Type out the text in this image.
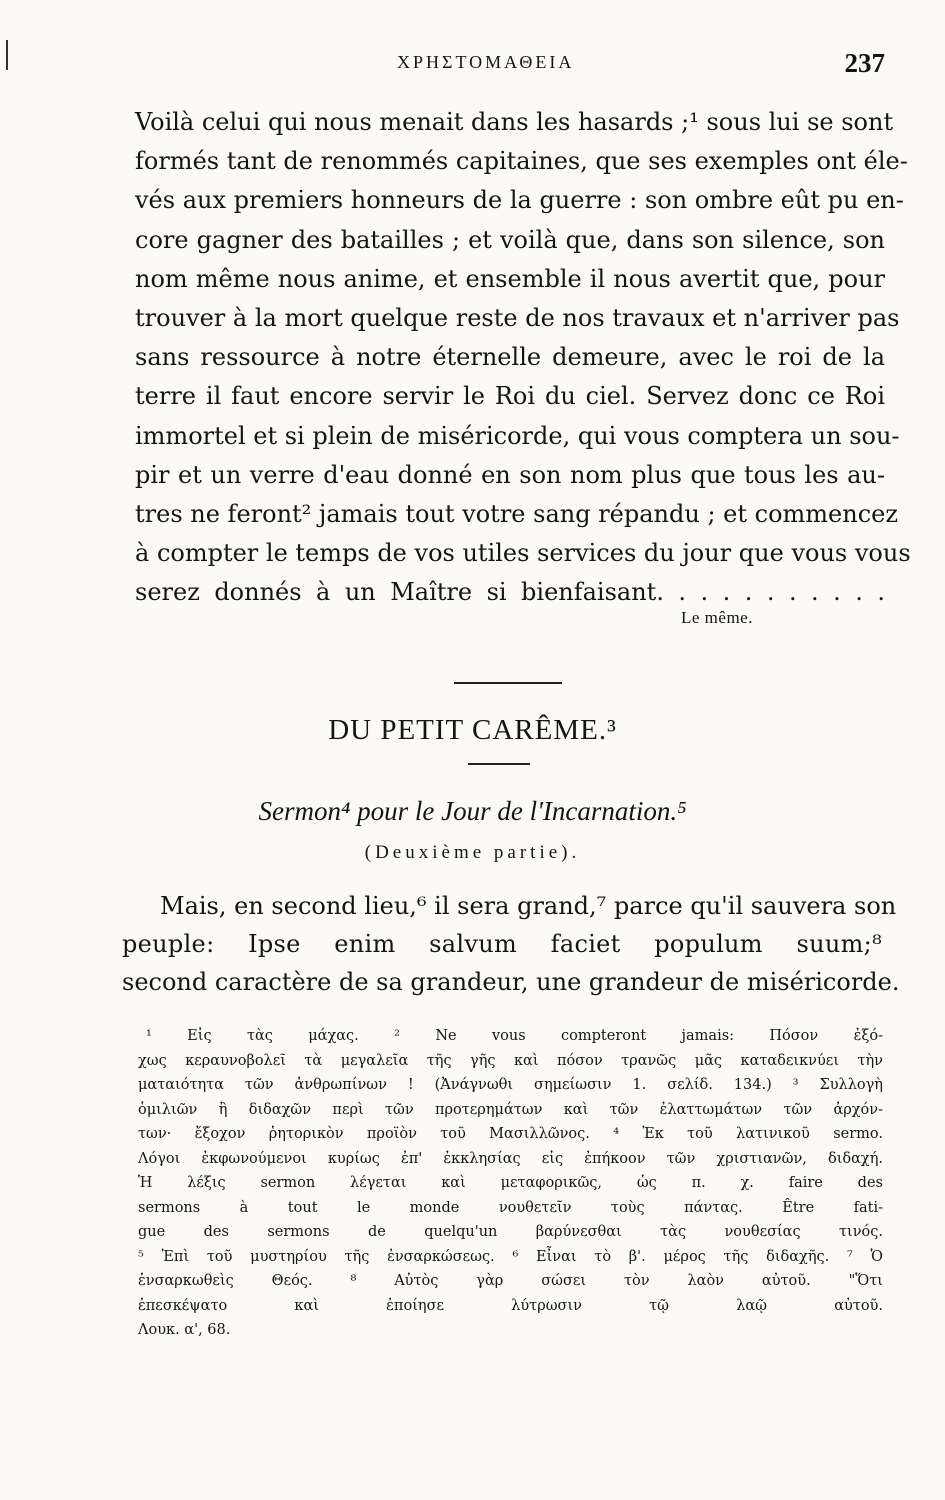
ΧΡΗΣΤΟΜΑΘΕΙΑ	237
Voilà celui qui nous menait dans les hasards ;¹ sous lui se sont
formés tant de renommés capitaines, que ses exemples ont éle-
vés aux premiers honneurs de la guerre : son ombre eût pu en-
core gagner des batailles ; et voilà que, dans son silence, son
nom même nous anime, et ensemble il nous avertit que, pour
trouver à la mort quelque reste de nos travaux et n'arriver pas
sans ressource à notre éternelle demeure, avec le roi de la
terre il faut encore servir le Roi du ciel. Servez donc ce Roi
immortel et si plein de miséricorde, qui vous comptera un sou-
pir et un verre d'eau donné en son nom plus que tous les au-
tres ne feront² jamais tout votre sang répandu ; et commencez
à compter le temps de vos utiles services du jour que vous vous
serez donnés à un Maître si bienfaisant. . . . . . . . . . .
Le même.
DU PETIT CARÊME.³
Sermon⁴ pour le Jour de l'Incarnation.⁵
(Deuxième partie).
Mais, en second lieu,⁶ il sera grand,⁷ parce qu'il sauvera son
peuple: Ipse enim salvum faciet populum suum;⁸
second caractère de sa grandeur, une grandeur de miséricorde.
¹ Εἰς τὰς μάχας. ² Ne vous compteront jamais: Πόσον ἐξό-
χως κεραυνοβολεῖ τὰ μεγαλεῖα τῆς γῆς καὶ πόσον τρανῶς μᾶς καταδεικνύει τὴν
ματαιότητα τῶν ἀνθρωπίνων ! (Ἀνάγνωθι σημείωσιν 1. σελίδ. 134.) ³ Συλλογὴ
ὁμιλιῶν ἢ διδαχῶν περὶ τῶν προτερημάτων καὶ τῶν ἐλαττωμάτων τῶν ἀρχόν-
των· ἔξοχον ῥητορικὸν προϊὸν τοῦ Μασιλλῶνος. ⁴ Ἐκ τοῦ λατινικοῦ sermo.
Λόγοι ἐκφωνούμενοι κυρίως ἐπ' ἐκκλησίας εἰς ἐπήκοον τῶν χριστιανῶν, διδαχή.
Ἡ λέξις sermon λέγεται καὶ μεταφορικῶς, ὡς π. χ. faire des
sermons à tout le monde νουθετεῖν τοὺς πάντας. Être fati-
gue des sermons de quelqu'un βαρύνεσθαι τὰς νουθεσίας τινός.
⁵ Ἐπὶ τοῦ μυστηρίου τῆς ἐνσαρκώσεως. ⁶ Εἶναι τὸ β'. μέρος τῆς διδαχῆς. ⁷ Ὁ
ἐνσαρκωθεὶς Θεός. ⁸ Αὐτὸς γὰρ σώσει τὸν λαὸν αὐτοῦ. "Ὅτι
ἐπεσκέψατο καὶ ἐποίησε λύτρωσιν τῷ λαῷ αὐτοῦ.
Λουκ. α', 68.
